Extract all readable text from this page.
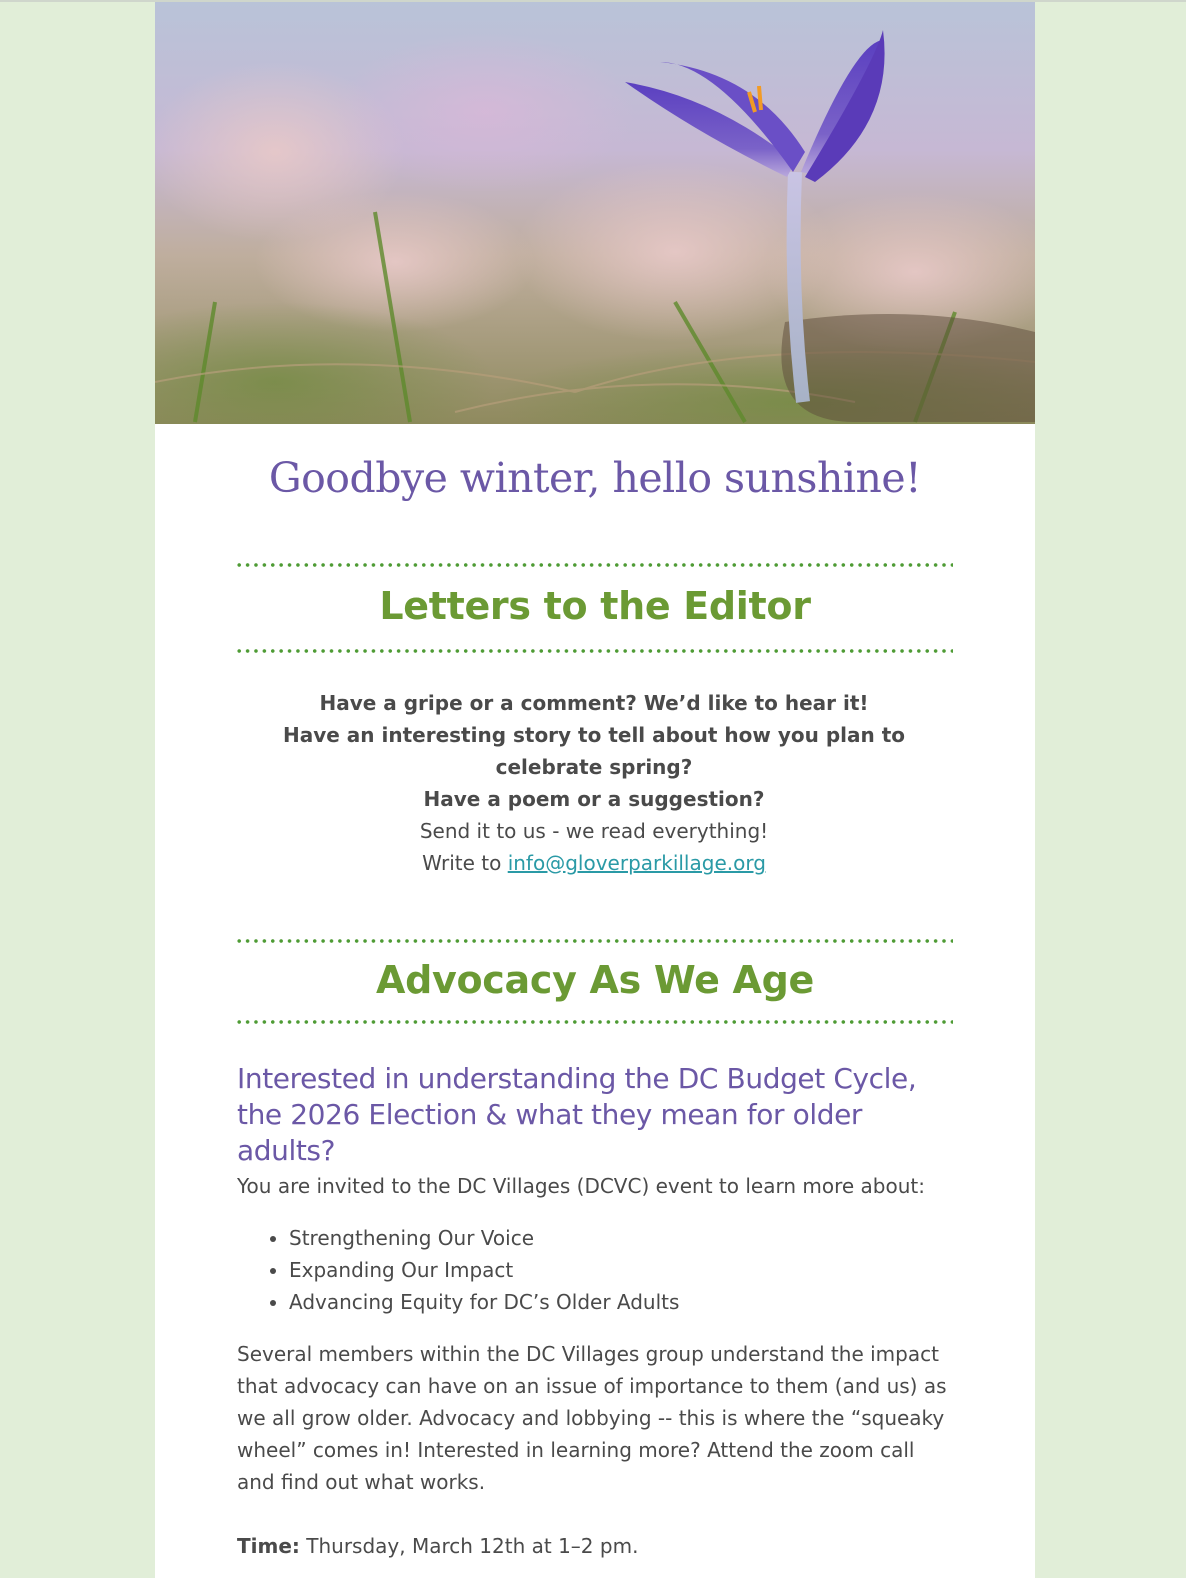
Goodbye winter, hello sunshine!
Letters to the Editor
Have a gripe or a comment? We’d like to hear it!
Have an interesting story to tell about how you plan to celebrate spring?
Have a poem or a suggestion?
Send it to us - we read everything!
Write to info@gloverparkillage.org
Advocacy As We Age
Interested in understanding the DC Budget Cycle, the 2026 Election & what they mean for older adults?

You are invited to the DC Villages (DCVC) event to learn more about:

• Strengthening Our Voice
• Expanding Our Impact
• Advancing Equity for DC’s Older Adults

Several members within the DC Villages group understand the impact that advocacy can have on an issue of importance to them (and us) as we all grow older. Advocacy and lobbying -- this is where the “squeaky wheel” comes in! Interested in learning more? Attend the zoom call and find out what works.

Time: Thursday, March 12th at 1–2 pm.
